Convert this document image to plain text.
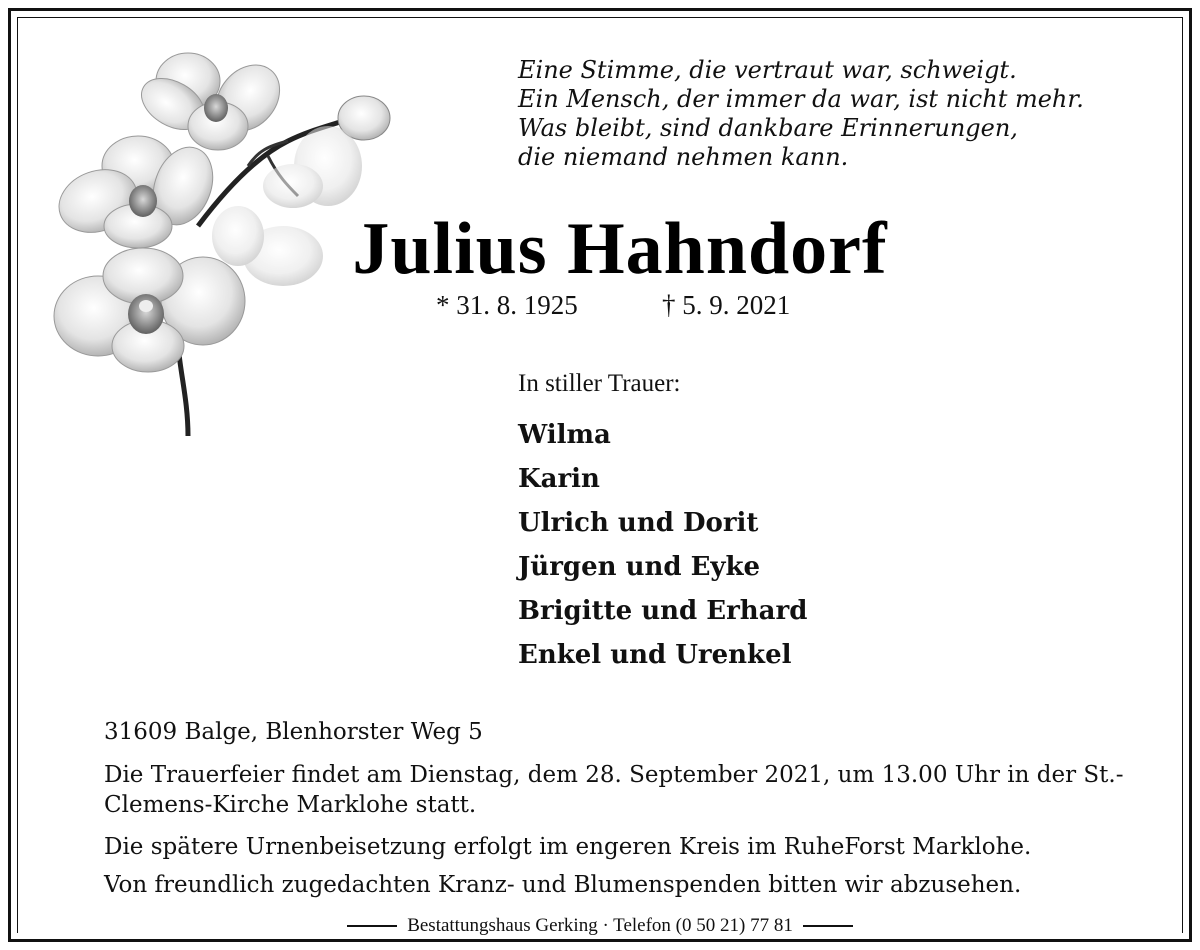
Eine Stimme, die vertraut war, schweigt.
Ein Mensch, der immer da war, ist nicht mehr.
Was bleibt, sind dankbare Erinnerungen,
die niemand nehmen kann.
Julius Hahndorf
* 31. 8. 1925	† 5. 9. 2021
In stiller Trauer:
Wilma
Karin
Ulrich und Dorit
Jürgen und Eyke
Brigitte und Erhard
Enkel und Urenkel
31609 Balge, Blenhorster Weg 5
Die Trauerfeier findet am Dienstag, dem 28. September 2021, um 13.00 Uhr in der St.-Clemens-Kirche Marklohe statt.
Die spätere Urnenbeisetzung erfolgt im engeren Kreis im RuheForst Marklohe.
Von freundlich zugedachten Kranz- und Blumenspenden bitten wir abzusehen.
Bestattungshaus Gerking · Telefon (0 50 21) 77 81
